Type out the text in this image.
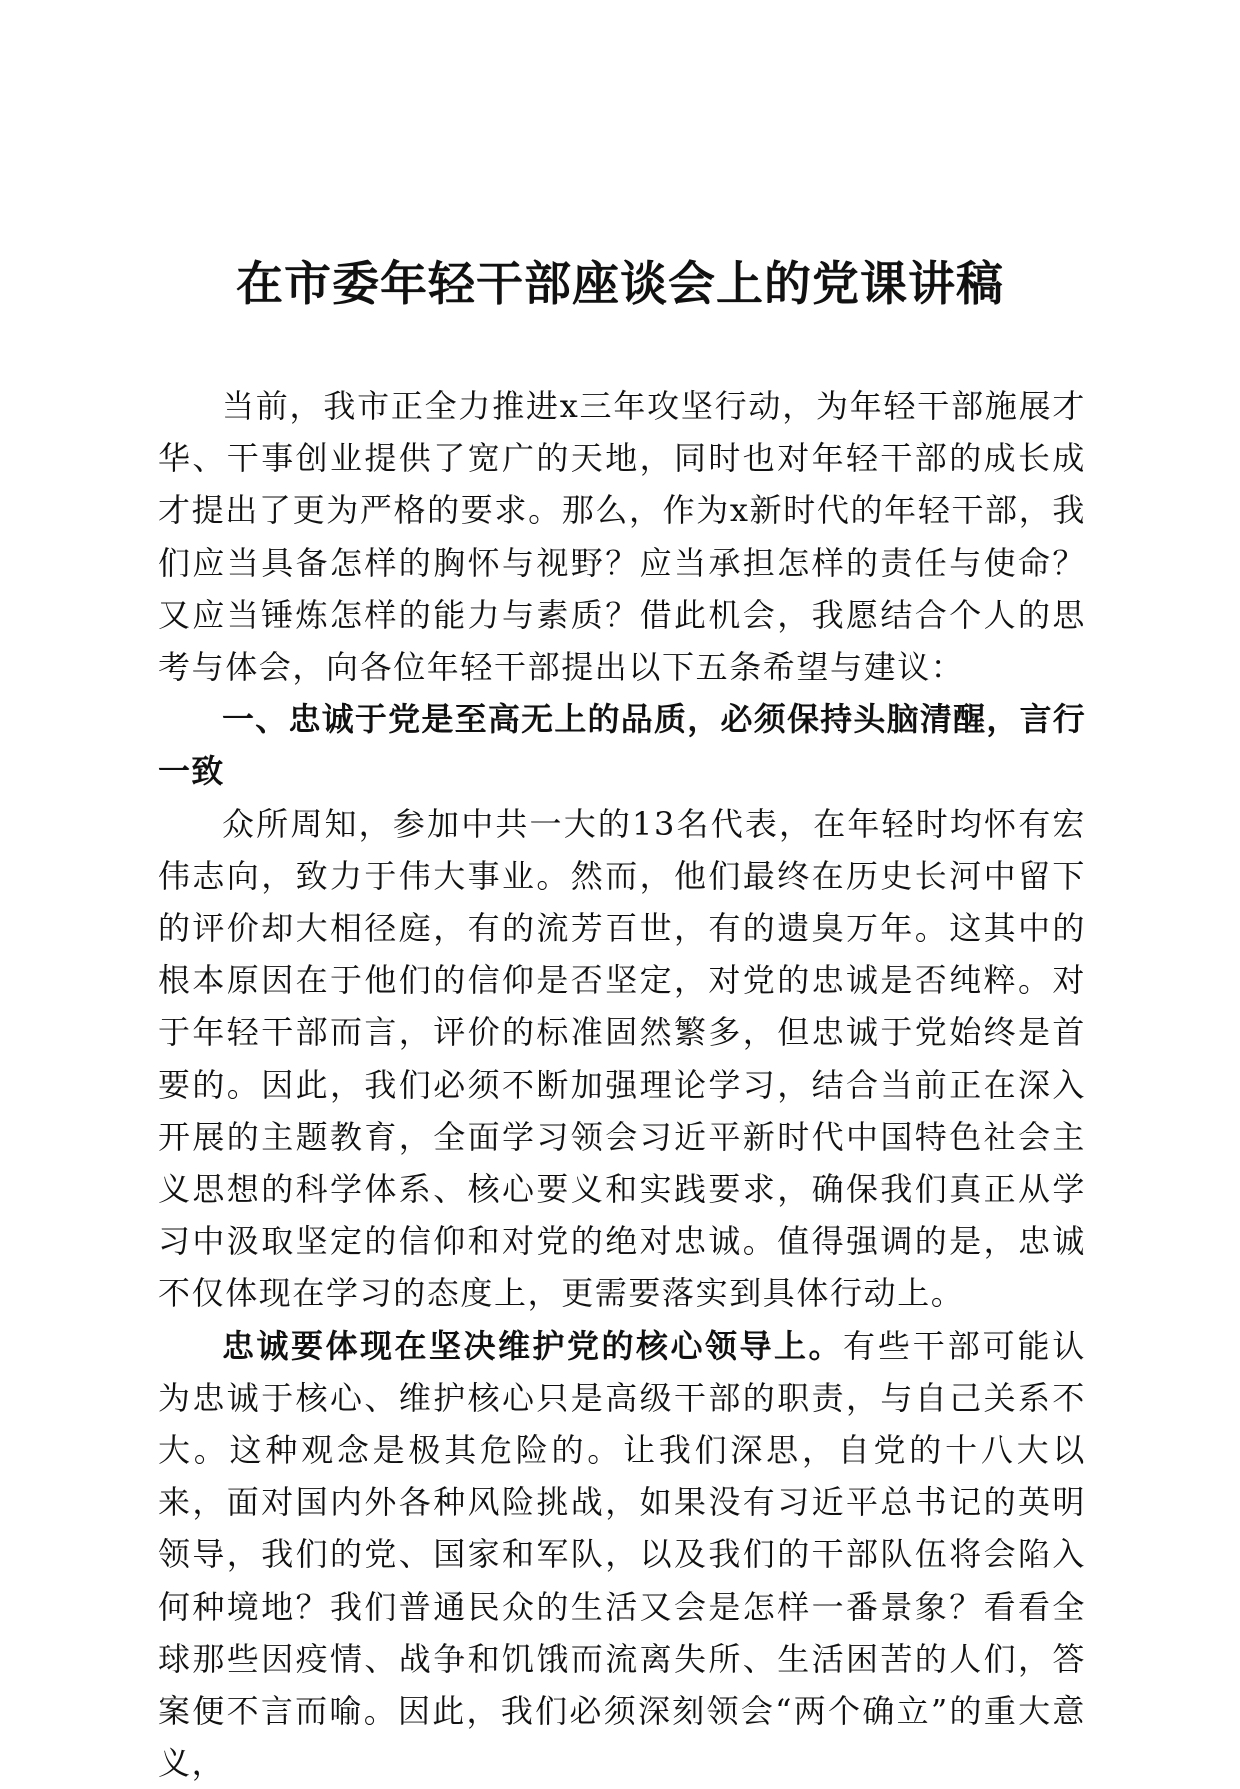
在市委年轻干部座谈会上的党课讲稿

当前，我市正全力推进x三年攻坚行动，为年轻干部施展才华、干事创业提供了宽广的天地，同时也对年轻干部的成长成才提出了更为严格的要求。那么，作为x新时代的年轻干部，我们应当具备怎样的胸怀与视野？应当承担怎样的责任与使命？又应当锤炼怎样的能力与素质？借此机会，我愿结合个人的思考与体会，向各位年轻干部提出以下五条希望与建议：

一、忠诚于党是至高无上的品质，必须保持头脑清醒，言行一致

众所周知，参加中共一大的13名代表，在年轻时均怀有宏伟志向，致力于伟大事业。然而，他们最终在历史长河中留下的评价却大相径庭，有的流芳百世，有的遗臭万年。这其中的根本原因在于他们的信仰是否坚定，对党的忠诚是否纯粹。对于年轻干部而言，评价的标准固然繁多，但忠诚于党始终是首要的。因此，我们必须不断加强理论学习，结合当前正在深入开展的主题教育，全面学习领会习近平新时代中国特色社会主义思想的科学体系、核心要义和实践要求，确保我们真正从学习中汲取坚定的信仰和对党的绝对忠诚。值得强调的是，忠诚不仅体现在学习的态度上，更需要落实到具体行动上。

忠诚要体现在坚决维护党的核心领导上。有些干部可能认为忠诚于核心、维护核心只是高级干部的职责，与自己关系不大。这种观念是极其危险的。让我们深思，自党的十八大以来，面对国内外各种风险挑战，如果没有习近平总书记的英明领导，我们的党、国家和军队，以及我们的干部队伍将会陷入何种境地？我们普通民众的生活又会是怎样一番景象？看看全球那些因疫情、战争和饥饿而流离失所、生活困苦的人们，答案便不言而喻。因此，我们必须深刻领会“两个确立”的重大意义，
